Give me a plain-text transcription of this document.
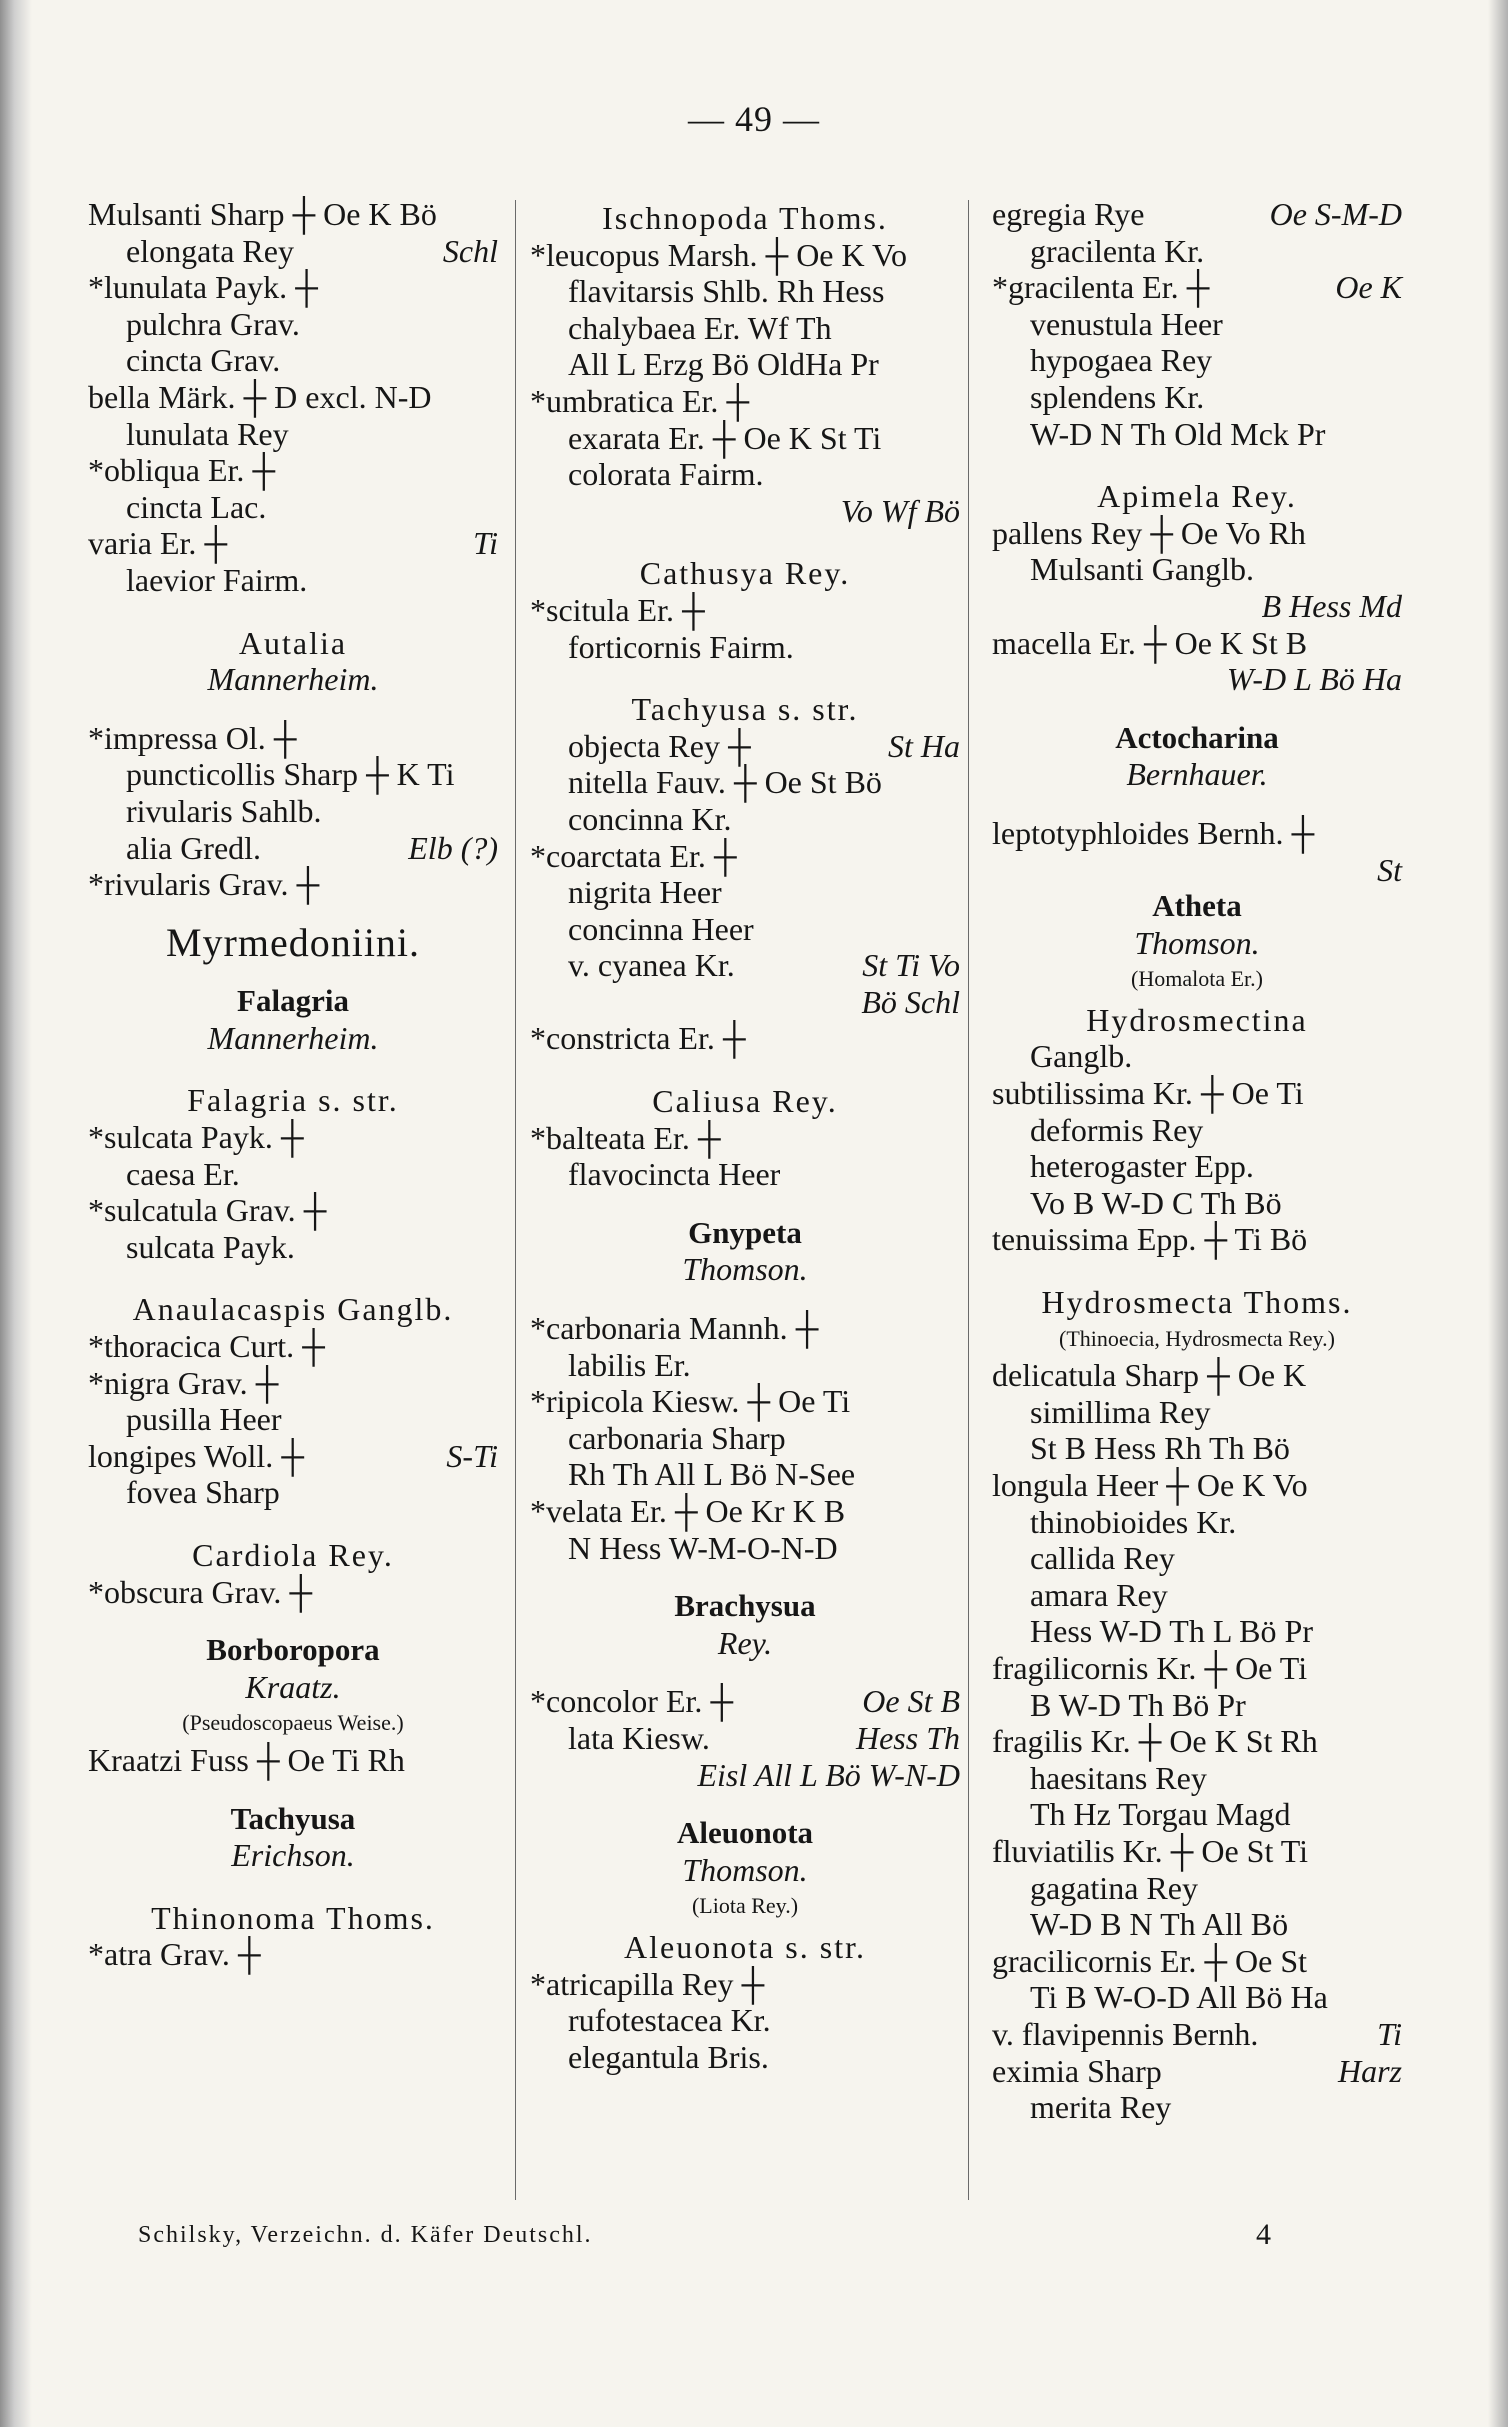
— 49 —
Mulsanti Sharp ┼ Oe K Bö
elongata Rey	Schl
*lunulata Payk. ┼
pulchra Grav.
cincta Grav.
bella Märk. ┼ D excl. N-D
lunulata Rey
*obliqua Er. ┼
cincta Lac.
varia Er. ┼	Ti
laevior Fairm.
Autalia
Mannerheim.
*impressa Ol. ┼
puncticollis Sharp ┼ K Ti
rivularis Sahlb.
alia Gredl.	Elb (?)
*rivularis Grav. ┼
Myrmedoniini.
Falagria
Mannerheim.
Falagria s. str.
*sulcata Payk. ┼
caesa Er.
*sulcatula Grav. ┼
sulcata Payk.
Anaulacaspis Ganglb.
*thoracica Curt. ┼
*nigra Grav. ┼
pusilla Heer
longipes Woll. ┼	S-Ti
fovea Sharp
Cardiola Rey.
*obscura Grav. ┼
Borboropora
Kraatz.
(Pseudoscopaeus Weise.)
Kraatzi Fuss ┼ Oe Ti Rh
Tachyusa
Erichson.
Thinonoma Thoms.
*atra Grav. ┼
Ischnopoda Thoms.
*leucopus Marsh. ┼ Oe K Vo
flavitarsis Shlb. Rh Hess
chalybaea Er. Wf Th
All L Erzg Bö OldHa Pr
*umbratica Er. ┼
exarata Er. ┼ Oe K St Ti
colorata Fairm.
Vo Wf Bö
Cathusya Rey.
*scitula Er. ┼
forticornis Fairm.
Tachyusa s. str.
objecta Rey ┼	St Ha
nitella Fauv. ┼ Oe St Bö
concinna Kr.
*coarctata Er. ┼
nigrita Heer
concinna Heer
v. cyanea Kr.	St Ti Vo
Bö Schl
*constricta Er. ┼
Caliusa Rey.
*balteata Er. ┼
flavocincta Heer
Gnypeta
Thomson.
*carbonaria Mannh. ┼
labilis Er.
*ripicola Kiesw. ┼ Oe Ti
carbonaria Sharp
Rh Th All L Bö N-See
*velata Er. ┼ Oe Kr K B
N Hess W-M-O-N-D
Brachysua
Rey.
*concolor Er. ┼	Oe St B
lata Kiesw.	Hess Th
Eisl All L Bö W-N-D
Aleuonota
Thomson.
(Liota Rey.)
Aleuonota s. str.
*atricapilla Rey ┼
rufotestacea Kr.
elegantula Bris.
egregia Rye	Oe S-M-D
gracilenta Kr.
*gracilenta Er. ┼	Oe K
venustula Heer
hypogaea Rey
splendens Kr.
W-D N Th Old Mck Pr
Apimela Rey.
pallens Rey ┼ Oe Vo Rh
Mulsanti Ganglb.
B Hess Md
macella Er. ┼ Oe K St B
W-D L Bö Ha
Actocharina
Bernhauer.
leptotyphloides Bernh. ┼
St
Atheta
Thomson.
(Homalota Er.)
Hydrosmectina
Ganglb.
subtilissima Kr. ┼ Oe Ti
deformis Rey
heterogaster Epp.
Vo B W-D C Th Bö
tenuissima Epp. ┼ Ti Bö
Hydrosmecta Thoms.
(Thinoecia, Hydrosmecta Rey.)
delicatula Sharp ┼ Oe K
simillima Rey
St B Hess Rh Th Bö
longula Heer ┼ Oe K Vo
thinobioides Kr.
callida Rey
amara Rey
Hess W-D Th L Bö Pr
fragilicornis Kr. ┼ Oe Ti
B W-D Th Bö Pr
fragilis Kr. ┼ Oe K St Rh
haesitans Rey
Th Hz Torgau Magd
fluviatilis Kr. ┼ Oe St Ti
gagatina Rey
W-D B N Th All Bö
gracilicornis Er. ┼ Oe St
Ti B W-O-D All Bö Ha
v. flavipennis Bernh.	Ti
eximia Sharp	Harz
merita Rey
Schilsky, Verzeichn. d. Käfer Deutschl.	4
